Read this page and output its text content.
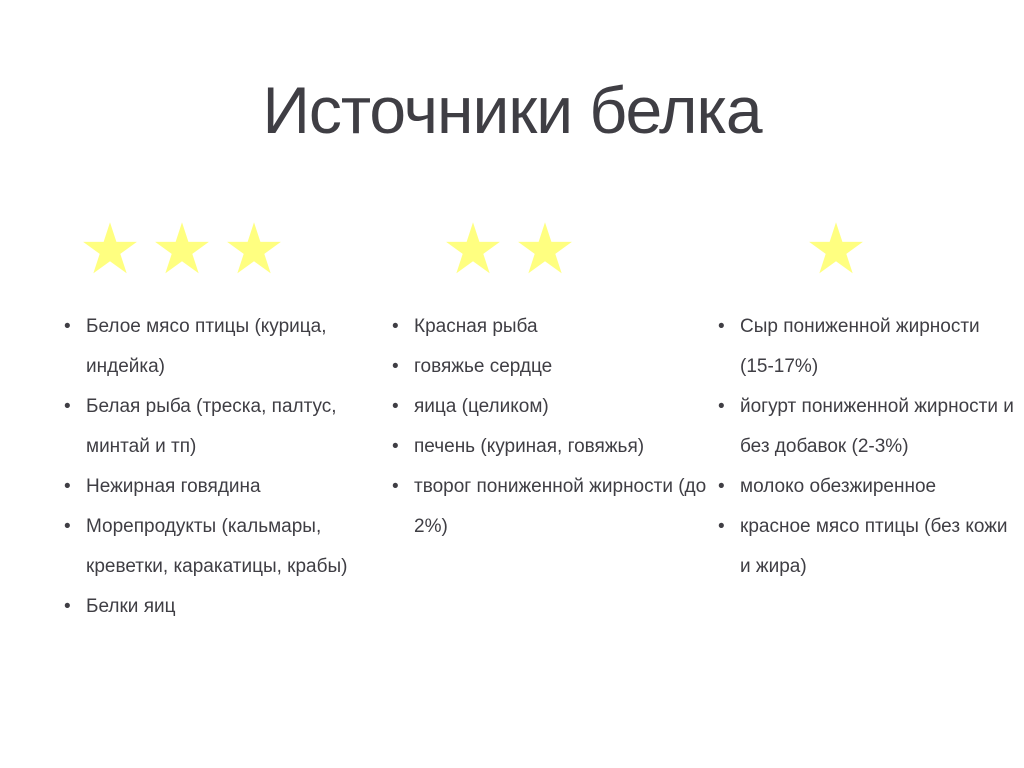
Источники белка
★ ★ ★
• Белое мясо птицы (курица, индейка)
• Белая рыба (треска, палтус, минтай и тп)
• Нежирная говядина
• Морепродукты (кальмары, креветки, каракатицы, крабы)
• Белки яиц
★ ★
• Красная рыба
• говяжье сердце
• яица (целиком)
• печень (куриная, говяжья)
• творог пониженной жирности (до 2%)
★
• Сыр пониженной жирности (15-17%)
• йогурт пониженной жирности и без добавок (2-3%)
• молоко обезжиренное
• красное мясо птицы (без кожи и жира)
